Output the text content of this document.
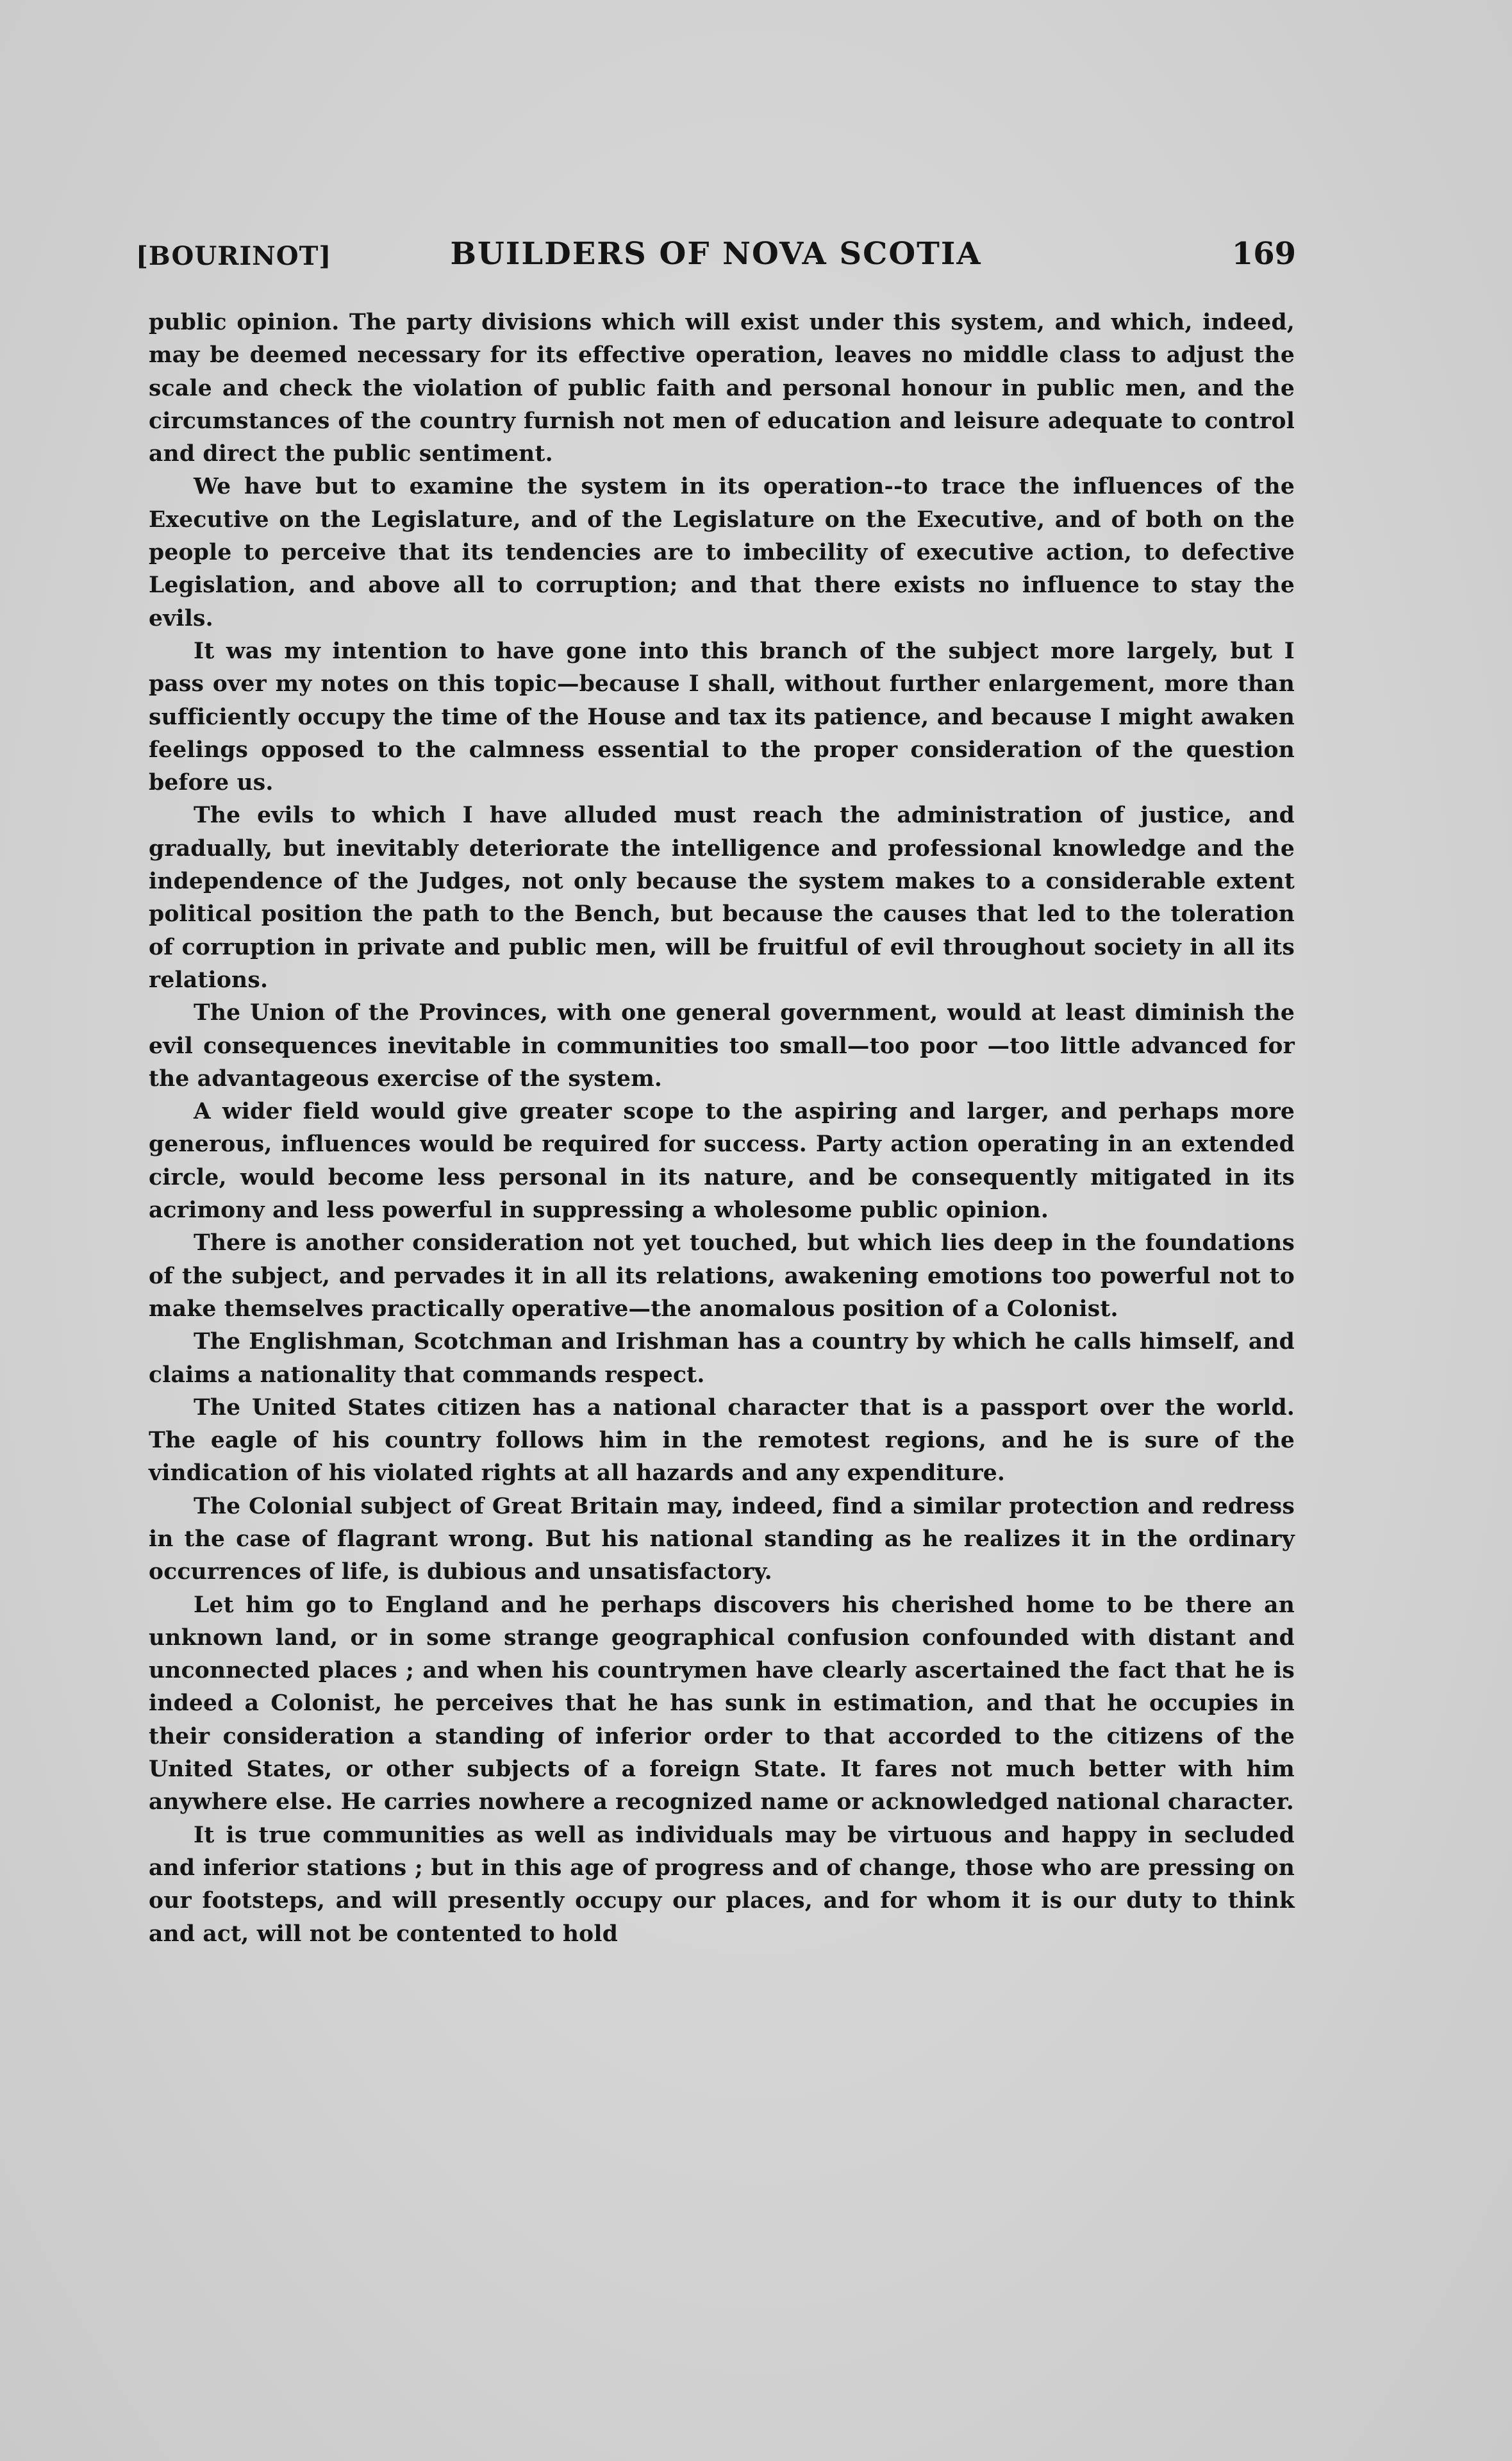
[BOURINOT]	BUILDERS OF NOVA SCOTIA	169

public opinion. The party divisions which will exist under this system, and which, indeed, may be deemed necessary for its effective operation, leaves no middle class to adjust the scale and check the violation of public faith and personal honour in public men, and the circumstances of the country furnish not men of education and leisure adequate to control and direct the public sentiment.

We have but to examine the system in its operation--to trace the influences of the Executive on the Legislature, and of the Legislature on the Executive, and of both on the people to perceive that its tendencies are to imbecility of executive action, to defective Legislation, and above all to corruption; and that there exists no influence to stay the evils.

It was my intention to have gone into this branch of the subject more largely, but I pass over my notes on this topic—because I shall, without further enlargement, more than sufficiently occupy the time of the House and tax its patience, and because I might awaken feelings opposed to the calmness essential to the proper consideration of the question before us.

The evils to which I have alluded must reach the administration of justice, and gradually, but inevitably deteriorate the intelligence and professional knowledge and the independence of the Judges, not only because the system makes to a considerable extent political position the path to the Bench, but because the causes that led to the toleration of corruption in private and public men, will be fruitful of evil throughout society in all its relations.

The Union of the Provinces, with one general government, would at least diminish the evil consequences inevitable in communities too small—too poor —too little advanced for the advantageous exercise of the system.

A wider field would give greater scope to the aspiring and larger, and perhaps more generous, influences would be required for success. Party action operating in an extended circle, would become less personal in its nature, and be consequently mitigated in its acrimony and less powerful in suppressing a wholesome public opinion.

There is another consideration not yet touched, but which lies deep in the foundations of the subject, and pervades it in all its relations, awakening emotions too powerful not to make themselves practically operative—the anomalous position of a Colonist.

The Englishman, Scotchman and Irishman has a country by which he calls himself, and claims a nationality that commands respect.

The United States citizen has a national character that is a passport over the world. The eagle of his country follows him in the remotest regions, and he is sure of the vindication of his violated rights at all hazards and any expenditure.

The Colonial subject of Great Britain may, indeed, find a similar protection and redress in the case of flagrant wrong. But his national standing as he realizes it in the ordinary occurrences of life, is dubious and unsatisfactory.

Let him go to England and he perhaps discovers his cherished home to be there an unknown land, or in some strange geographical confusion confounded with distant and unconnected places ; and when his countrymen have clearly ascertained the fact that he is indeed a Colonist, he perceives that he has sunk in estimation, and that he occupies in their consideration a standing of inferior order to that accorded to the citizens of the United States, or other subjects of a foreign State. It fares not much better with him anywhere else. He carries nowhere a recognized name or acknowledged national character.

It is true communities as well as individuals may be virtuous and happy in secluded and inferior stations ; but in this age of progress and of change, those who are pressing on our footsteps, and will presently occupy our places, and for whom it is our duty to think and act, will not be contented to hold
